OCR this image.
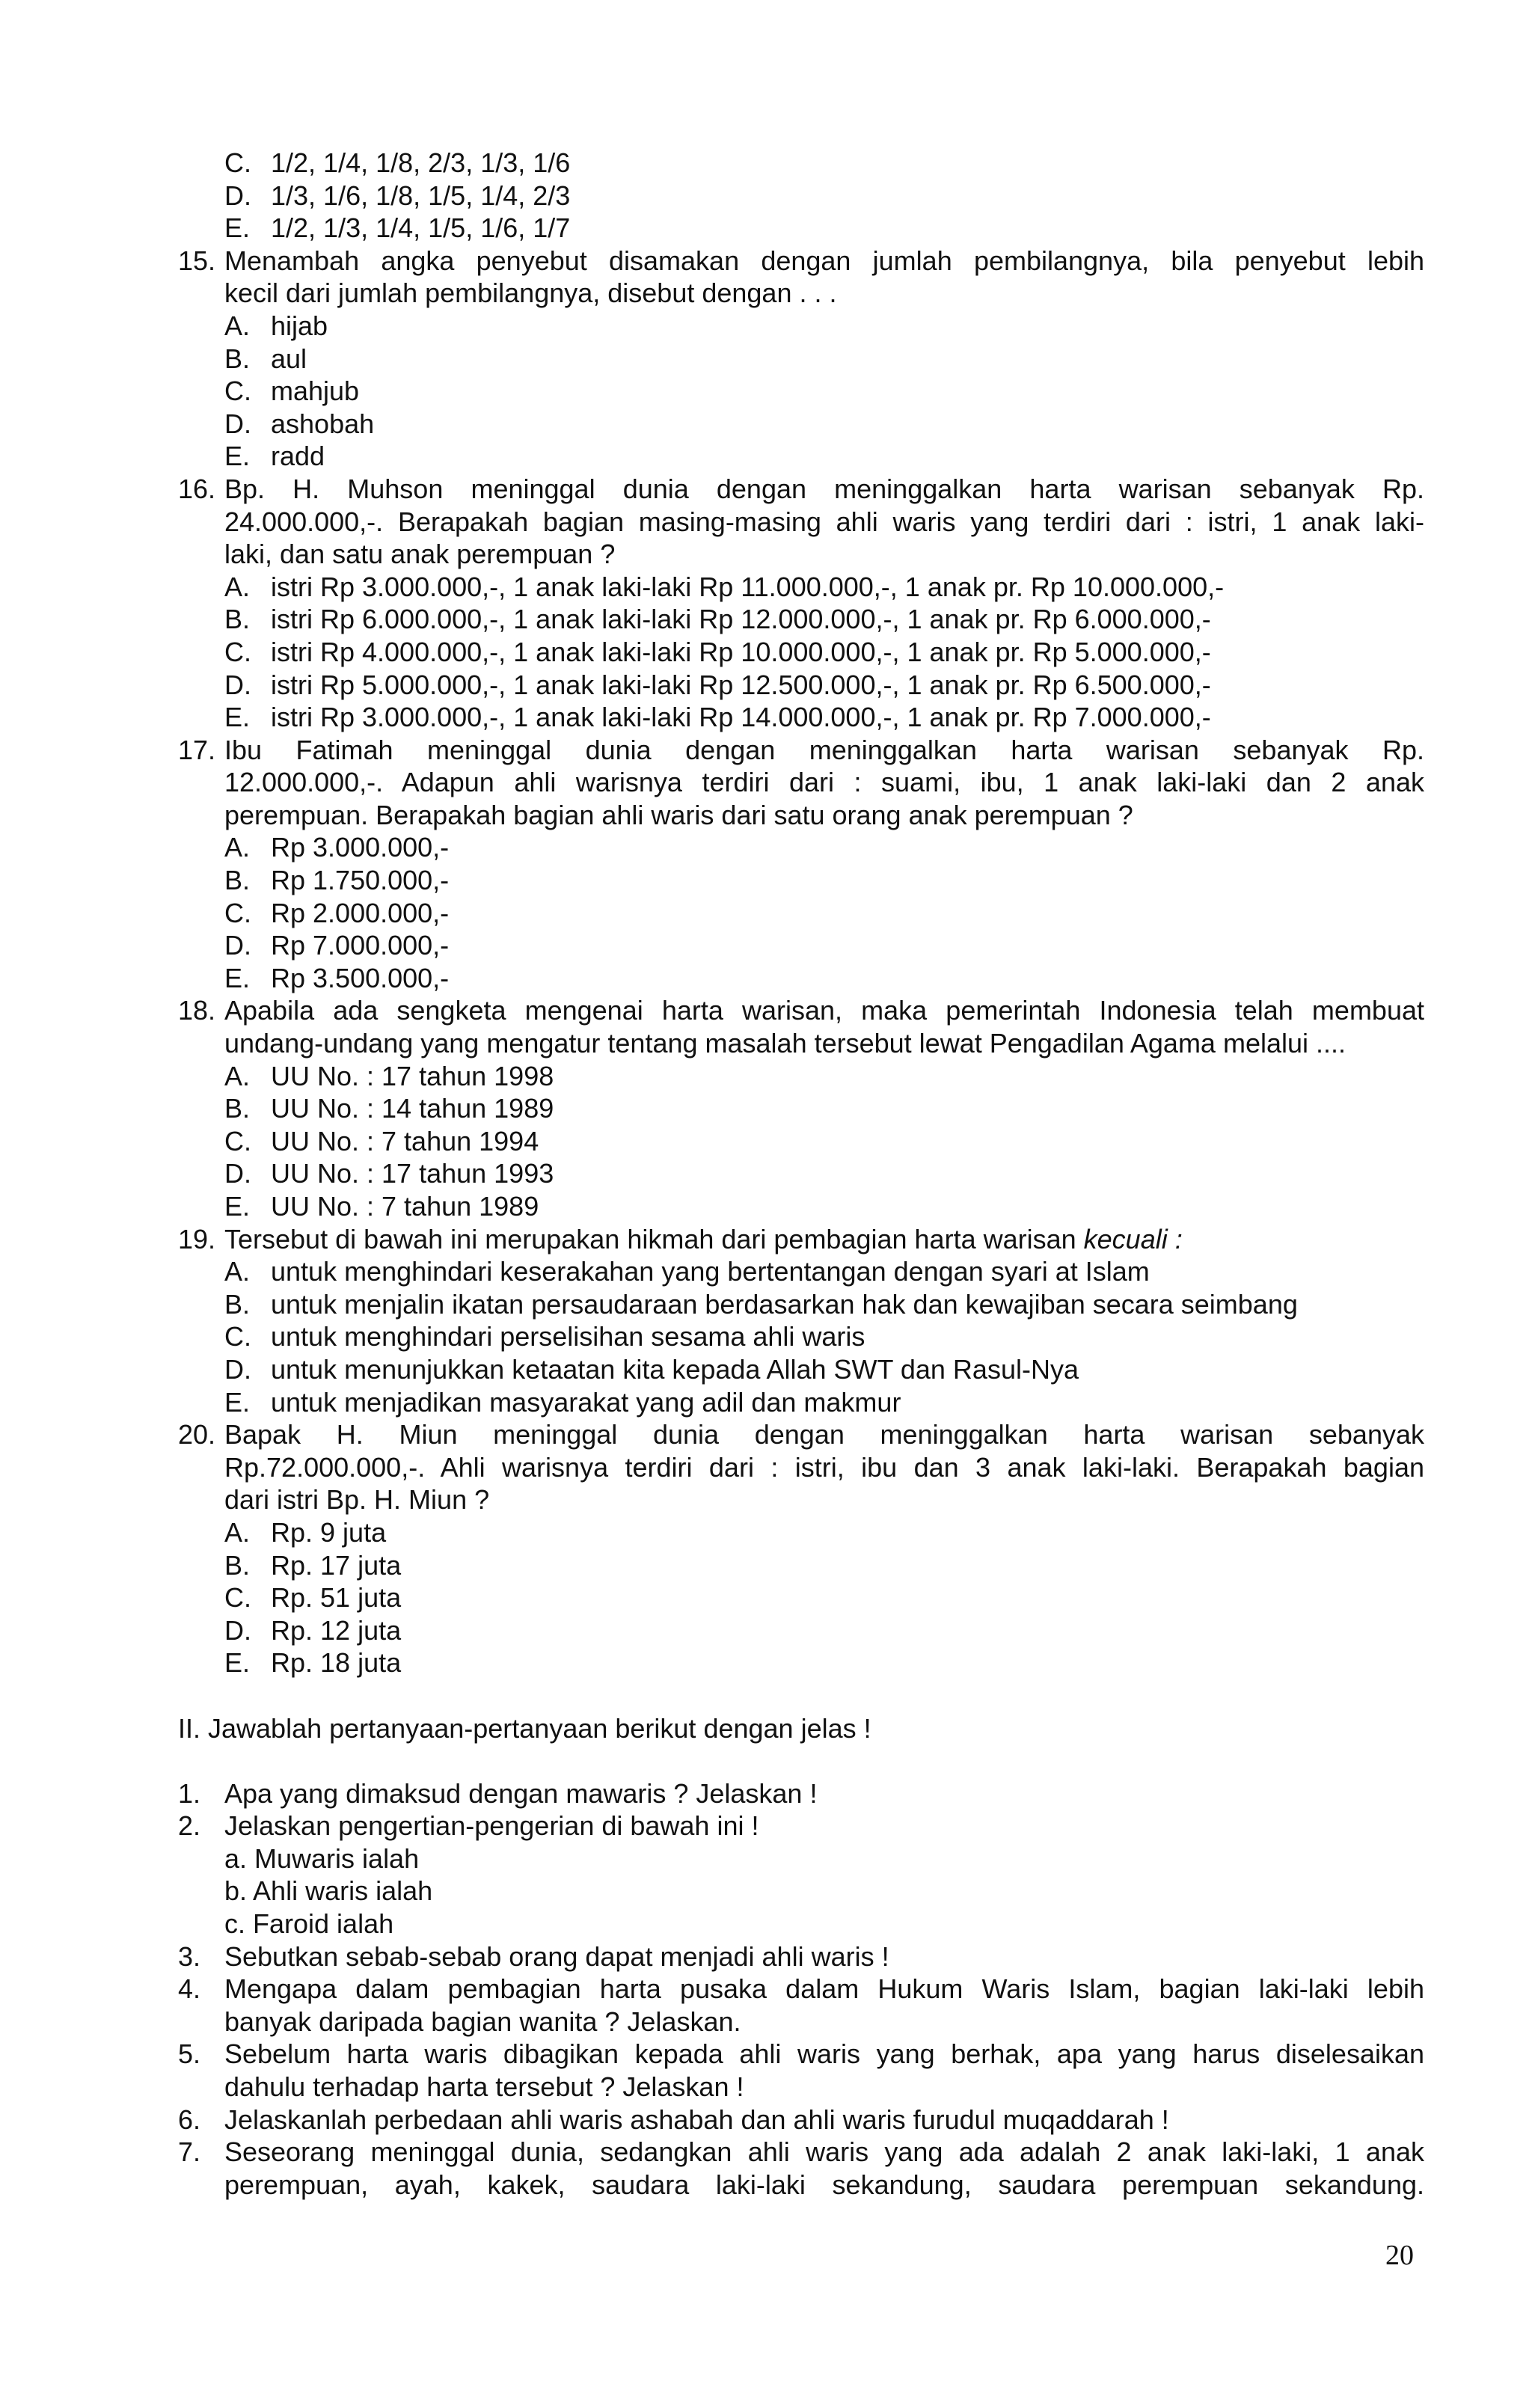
C. 1/2, 1/4, 1/8, 2/3, 1/3, 1/6
D. 1/3, 1/6, 1/8, 1/5, 1/4, 2/3
E. 1/2, 1/3, 1/4, 1/5, 1/6, 1/7
15. Menambah angka penyebut disamakan dengan jumlah pembilangnya, bila penyebut lebih
kecil dari jumlah pembilangnya, disebut dengan . . .
A. hijab
B. aul
C. mahjub
D. ashobah
E. radd
16. Bp. H. Muhson meninggal dunia dengan meninggalkan harta warisan sebanyak Rp.
24.000.000,-. Berapakah bagian masing-masing ahli waris yang terdiri dari : istri, 1 anak laki-
laki, dan satu anak perempuan ?
A. istri Rp 3.000.000,-, 1 anak laki-laki Rp 11.000.000,-, 1 anak pr. Rp 10.000.000,-
B. istri Rp 6.000.000,-, 1 anak laki-laki Rp 12.000.000,-, 1 anak pr. Rp 6.000.000,-
C. istri Rp 4.000.000,-, 1 anak laki-laki Rp 10.000.000,-, 1 anak pr. Rp 5.000.000,-
D. istri Rp 5.000.000,-, 1 anak laki-laki Rp 12.500.000,-, 1 anak pr. Rp 6.500.000,-
E. istri Rp 3.000.000,-, 1 anak laki-laki Rp 14.000.000,-, 1 anak pr. Rp 7.000.000,-
17. Ibu Fatimah meninggal dunia dengan meninggalkan harta warisan sebanyak Rp.
12.000.000,-. Adapun ahli warisnya terdiri dari : suami, ibu, 1 anak laki-laki dan 2 anak
perempuan. Berapakah bagian ahli waris dari satu orang anak perempuan ?
A. Rp 3.000.000,-
B. Rp 1.750.000,-
C. Rp 2.000.000,-
D. Rp 7.000.000,-
E. Rp 3.500.000,-
18. Apabila ada sengketa mengenai harta warisan, maka pemerintah Indonesia telah membuat
undang-undang yang mengatur tentang masalah tersebut lewat Pengadilan Agama melalui ....
A. UU No. : 17 tahun 1998
B. UU No. : 14 tahun 1989
C. UU No. : 7 tahun 1994
D. UU No. : 17 tahun 1993
E. UU No. : 7 tahun 1989
19. Tersebut di bawah ini merupakan hikmah dari pembagian harta warisan kecuali :
A. untuk menghindari keserakahan yang bertentangan dengan syari at Islam
B. untuk menjalin ikatan persaudaraan berdasarkan hak dan kewajiban secara seimbang
C. untuk menghindari perselisihan sesama ahli waris
D. untuk menunjukkan ketaatan kita kepada Allah SWT dan Rasul-Nya
E. untuk menjadikan masyarakat yang adil dan makmur
20. Bapak H. Miun meninggal dunia dengan meninggalkan harta warisan sebanyak
Rp.72.000.000,-. Ahli warisnya terdiri dari : istri, ibu dan 3 anak laki-laki. Berapakah bagian
dari istri Bp. H. Miun ?
A. Rp. 9 juta
B. Rp. 17 juta
C. Rp. 51 juta
D. Rp. 12 juta
E. Rp. 18 juta
II. Jawablah pertanyaan-pertanyaan berikut dengan jelas !
1. Apa yang dimaksud dengan mawaris ? Jelaskan !
2. Jelaskan pengertian-pengerian di bawah ini !
a. Muwaris ialah
b. Ahli waris ialah
c. Faroid ialah
3. Sebutkan sebab-sebab orang dapat menjadi ahli waris !
4. Mengapa dalam pembagian harta pusaka dalam Hukum Waris Islam, bagian laki-laki lebih
banyak daripada bagian wanita ? Jelaskan.
5. Sebelum harta waris dibagikan kepada ahli waris yang berhak, apa yang harus diselesaikan
dahulu terhadap harta tersebut ? Jelaskan !
6. Jelaskanlah perbedaan ahli waris ashabah dan ahli waris furudul muqaddarah !
7. Seseorang meninggal dunia, sedangkan ahli waris yang ada adalah 2 anak laki-laki, 1 anak
perempuan, ayah, kakek, saudara laki-laki sekandung, saudara perempuan sekandung.
20
